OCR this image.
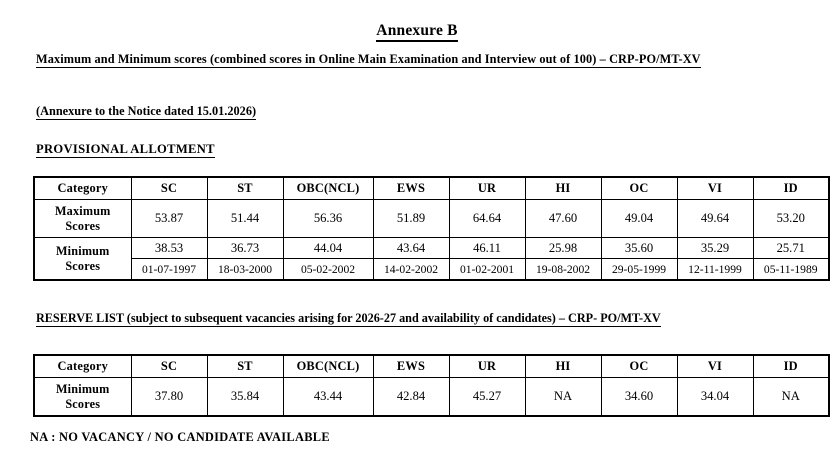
Annexure B
Maximum and Minimum scores (combined scores in Online Main Examination and Interview out of 100) – CRP-PO/MT-XV
(Annexure to the Notice dated 15.01.2026)
PROVISIONAL ALLOTMENT
Category	SC	ST	OBC(NCL)	EWS	UR	HI	OC	VI	ID

Maximum
Scores	53.87	51.44	56.36	51.89	64.64	47.60	49.04	49.64	53.20

Minimum
Scores	38.53	36.73	44.04	43.64	46.11	25.98	35.60	35.29	25.71
	01-07-1997	18-03-2000	05-02-2002	14-02-2002	01-02-2001	19-08-2002	29-05-1999	12-11-1999	05-11-1989
RESERVE LIST (subject to subsequent vacancies arising for 2026-27 and availability of candidates) – CRP- PO/MT-XV
Category	SC	ST	OBC(NCL)	EWS	UR	HI	OC	VI	ID

Minimum
Scores	37.80	35.84	43.44	42.84	45.27	NA	34.60	34.04	NA
NA : NO VACANCY / NO CANDIDATE AVAILABLE
